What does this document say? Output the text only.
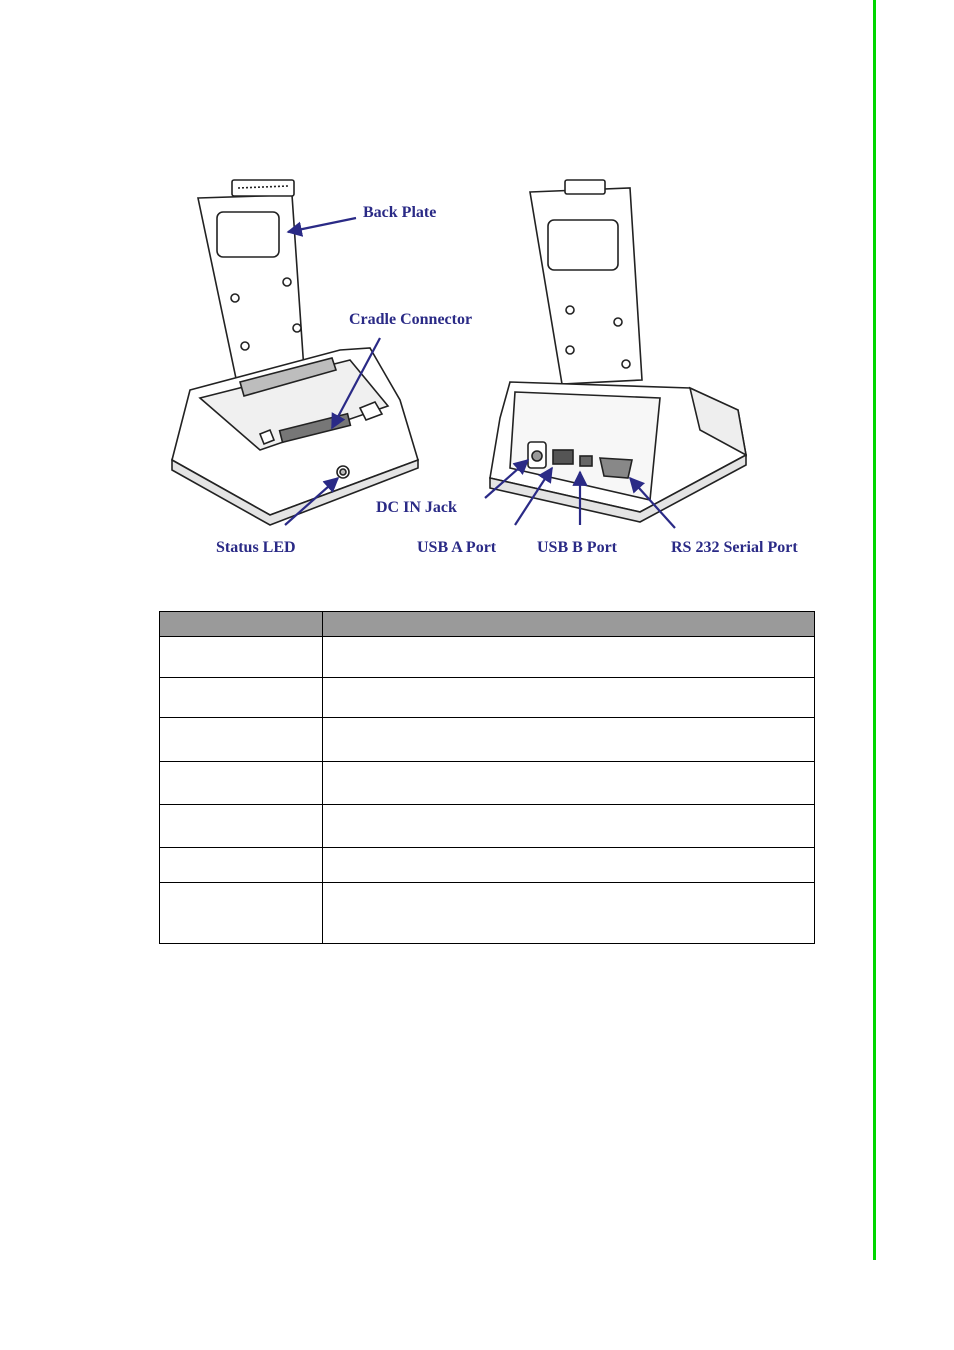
Back Plate
Cradle Connector
Status LED
DC IN Jack
USB A Port	USB B Port	RS 232 Serial Port
